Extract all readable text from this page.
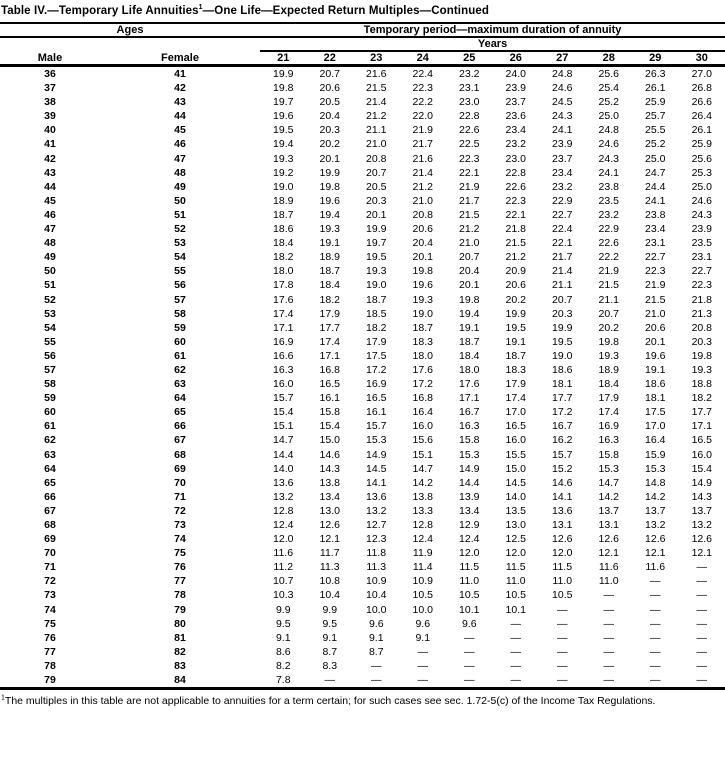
Table IV.—Temporary Life Annuities$^1$—One Life—Expected Return Multiples—Continued
Ages		Temporary period—maximum duration of annuity									
		Years									
Male	Female	21	22	23	24	25	26	27	28	29	30
36	41	19.9	20.7	21.6	22.4	23.2	24.0	24.8	25.6	26.3	27.0
37	42	19.8	20.6	21.5	22.3	23.1	23.9	24.6	25.4	26.1	26.8
38	43	19.7	20.5	21.4	22.2	23.0	23.7	24.5	25.2	25.9	26.6
39	44	19.6	20.4	21.2	22.0	22.8	23.6	24.3	25.0	25.7	26.4
40	45	19.5	20.3	21.1	21.9	22.6	23.4	24.1	24.8	25.5	26.1
41	46	19.4	20.2	21.0	21.7	22.5	23.2	23.9	24.6	25.2	25.9
42	47	19.3	20.1	20.8	21.6	22.3	23.0	23.7	24.3	25.0	25.6
43	48	19.2	19.9	20.7	21.4	22.1	22.8	23.4	24.1	24.7	25.3
44	49	19.0	19.8	20.5	21.2	21.9	22.6	23.2	23.8	24.4	25.0
45	50	18.9	19.6	20.3	21.0	21.7	22.3	22.9	23.5	24.1	24.6
46	51	18.7	19.4	20.1	20.8	21.5	22.1	22.7	23.2	23.8	24.3
47	52	18.6	19.3	19.9	20.6	21.2	21.8	22.4	22.9	23.4	23.9
48	53	18.4	19.1	19.7	20.4	21.0	21.5	22.1	22.6	23.1	23.5
49	54	18.2	18.9	19.5	20.1	20.7	21.2	21.7	22.2	22.7	23.1
50	55	18.0	18.7	19.3	19.8	20.4	20.9	21.4	21.9	22.3	22.7
51	56	17.8	18.4	19.0	19.6	20.1	20.6	21.1	21.5	21.9	22.3
52	57	17.6	18.2	18.7	19.3	19.8	20.2	20.7	21.1	21.5	21.8
53	58	17.4	17.9	18.5	19.0	19.4	19.9	20.3	20.7	21.0	21.3
54	59	17.1	17.7	18.2	18.7	19.1	19.5	19.9	20.2	20.6	20.8
55	60	16.9	17.4	17.9	18.3	18.7	19.1	19.5	19.8	20.1	20.3
56	61	16.6	17.1	17.5	18.0	18.4	18.7	19.0	19.3	19.6	19.8
57	62	16.3	16.8	17.2	17.6	18.0	18.3	18.6	18.9	19.1	19.3
58	63	16.0	16.5	16.9	17.2	17.6	17.9	18.1	18.4	18.6	18.8
59	64	15.7	16.1	16.5	16.8	17.1	17.4	17.7	17.9	18.1	18.2
60	65	15.4	15.8	16.1	16.4	16.7	17.0	17.2	17.4	17.5	17.7
61	66	15.1	15.4	15.7	16.0	16.3	16.5	16.7	16.9	17.0	17.1
62	67	14.7	15.0	15.3	15.6	15.8	16.0	16.2	16.3	16.4	16.5
63	68	14.4	14.6	14.9	15.1	15.3	15.5	15.7	15.8	15.9	16.0
64	69	14.0	14.3	14.5	14.7	14.9	15.0	15.2	15.3	15.3	15.4
65	70	13.6	13.8	14.1	14.2	14.4	14.5	14.6	14.7	14.8	14.9
66	71	13.2	13.4	13.6	13.8	13.9	14.0	14.1	14.2	14.2	14.3
67	72	12.8	13.0	13.2	13.3	13.4	13.5	13.6	13.7	13.7	13.7
68	73	12.4	12.6	12.7	12.8	12.9	13.0	13.1	13.1	13.2	13.2
69	74	12.0	12.1	12.3	12.4	12.4	12.5	12.6	12.6	12.6	12.6
70	75	11.6	11.7	11.8	11.9	12.0	12.0	12.0	12.1	12.1	12.1
71	76	11.2	11.3	11.3	11.4	11.5	11.5	11.5	11.6	11.6	—
72	77	10.7	10.8	10.9	10.9	11.0	11.0	11.0	11.0	—	—
73	78	10.3	10.4	10.4	10.5	10.5	10.5	10.5	—	—	—
74	79	9.9	9.9	10.0	10.0	10.1	10.1	—	—	—	—
75	80	9.5	9.5	9.6	9.6	9.6	—	—	—	—	—
76	81	9.1	9.1	9.1	9.1	—	—	—	—	—	—
77	82	8.6	8.7	8.7	—	—	—	—	—	—	—
78	83	8.2	8.3	—	—	—	—	—	—	—	—
79	84	7.8	—	—	—	—	—	—	—	—	—
$^1$The multiples in this table are not applicable to annuities for a term certain; for such cases see sec. 1.72-5(c) of the Income Tax Regulations.
